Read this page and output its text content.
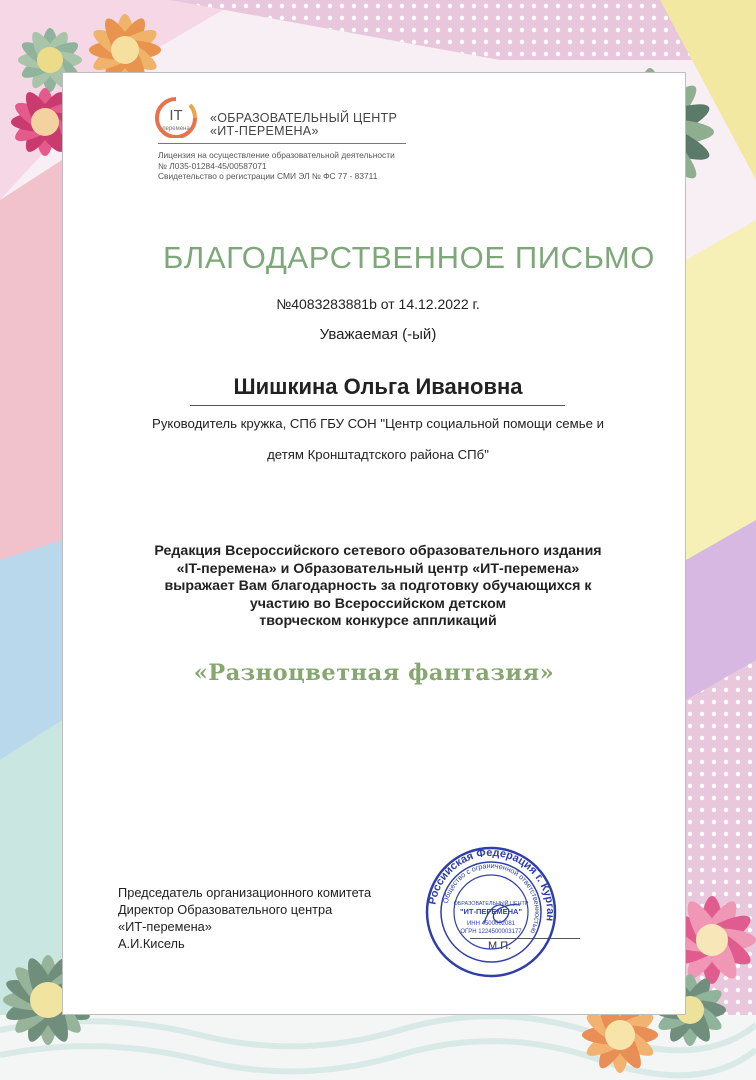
IT
перемена
«ОБРАЗОВАТЕЛЬНЫЙ ЦЕНТР
«ИТ-ПЕРЕМЕНА»
Лицензия на осуществление образовательной деятельности
№ Л035-01284-45/00587071
Свидетельство о регистрации СМИ ЭЛ № ФС 77 - 83711
БЛАГОДАРСТВЕННОЕ ПИСЬМО
№4083283881b от 14.12.2022 г.
Уважаемая (-ый)
Шишкина Ольга Ивановна
Руководитель кружка, СПб ГБУ СОН "Центр социальной помощи семье и
детям Кронштадтского района СПб"
Редакция Всероссийского сетевого образовательного издания
«IT-перемена» и Образовательный центр «ИТ-перемена»
выражает Вам благодарность за подготовку обучающихся к
участию во Всероссийском детском
творческом конкурсе аппликаций
«Разноцветная фантазия»
Председатель организационного комитета
Директор Образовательного центра
«ИТ-перемена»
А.И.Кисель	М.П.
Российская Федерация г. Курган
Общество с ограниченной ответственностью
ОБРАЗОВАТЕЛЬНЫЙ ЦЕНТР
"ИТ-ПЕРЕМЕНА"
ИНН 4500002081
ОГРН 1224500003177
